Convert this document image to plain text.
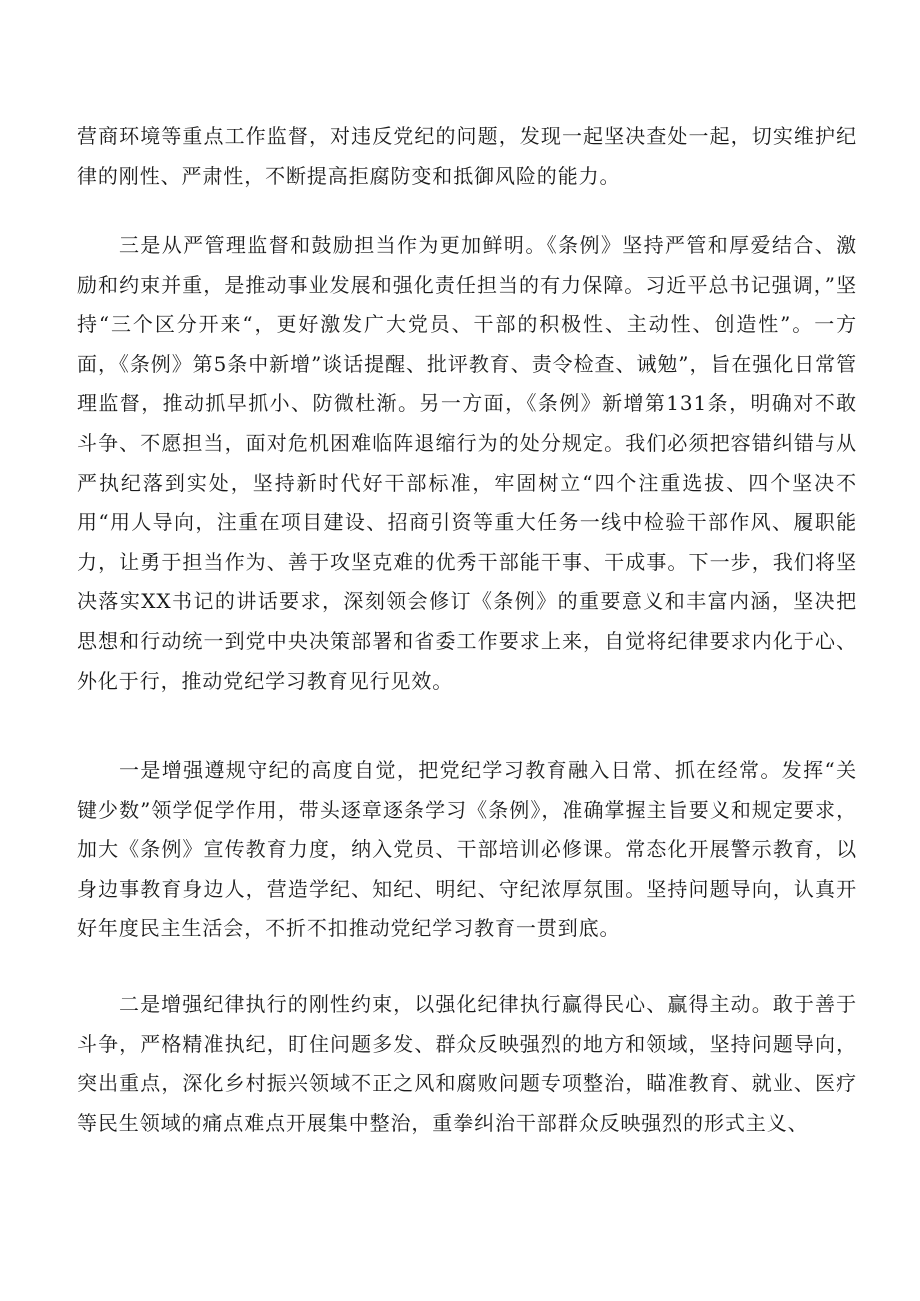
营商环境等重点工作监督，对违反党纪的问题，发现一起坚决查处一起，切实维护纪律的刚性、严肃性，不断提高拒腐防变和抵御风险的能力。

三是从严管理监督和鼓励担当作为更加鲜明。《条例》坚持严管和厚爱结合、激励和约束并重，是推动事业发展和强化责任担当的有力保障。习近平总书记强调，”坚持“三个区分开来“，更好激发广大党员、干部的积极性、主动性、创造性”。一方面，《条例》第5条中新增”谈话提醒、批评教育、责令检查、诫勉”，旨在强化日常管理监督，推动抓早抓小、防微杜渐。另一方面，《条例》新增第131条，明确对不敢斗争、不愿担当，面对危机困难临阵退缩行为的处分规定。我们必须把容错纠错与从严执纪落到实处，坚持新时代好干部标准，牢固树立“四个注重选拔、四个坚决不用“用人导向，注重在项目建设、招商引资等重大任务一线中检验干部作风、履职能力，让勇于担当作为、善于攻坚克难的优秀干部能干事、干成事。下一步，我们将坚决落实XX书记的讲话要求，深刻领会修订《条例》的重要意义和丰富内涵，坚决把思想和行动统一到党中央决策部署和省委工作要求上来，自觉将纪律要求内化于心、外化于行，推动党纪学习教育见行见效。

一是增强遵规守纪的高度自觉，把党纪学习教育融入日常、抓在经常。发挥“关键少数”领学促学作用，带头逐章逐条学习《条例》，准确掌握主旨要义和规定要求，加大《条例》宣传教育力度，纳入党员、干部培训必修课。常态化开展警示教育，以身边事教育身边人，营造学纪、知纪、明纪、守纪浓厚氛围。坚持问题导向，认真开好年度民主生活会，不折不扣推动党纪学习教育一贯到底。

二是增强纪律执行的刚性约束，以强化纪律执行赢得民心、赢得主动。敢于善于斗争，严格精准执纪，盯住问题多发、群众反映强烈的地方和领域，坚持问题导向，突出重点，深化乡村振兴领域不正之风和腐败问题专项整治，瞄准教育、就业、医疗等民生领域的痛点难点开展集中整治，重拳纠治干部群众反映强烈的形式主义、
